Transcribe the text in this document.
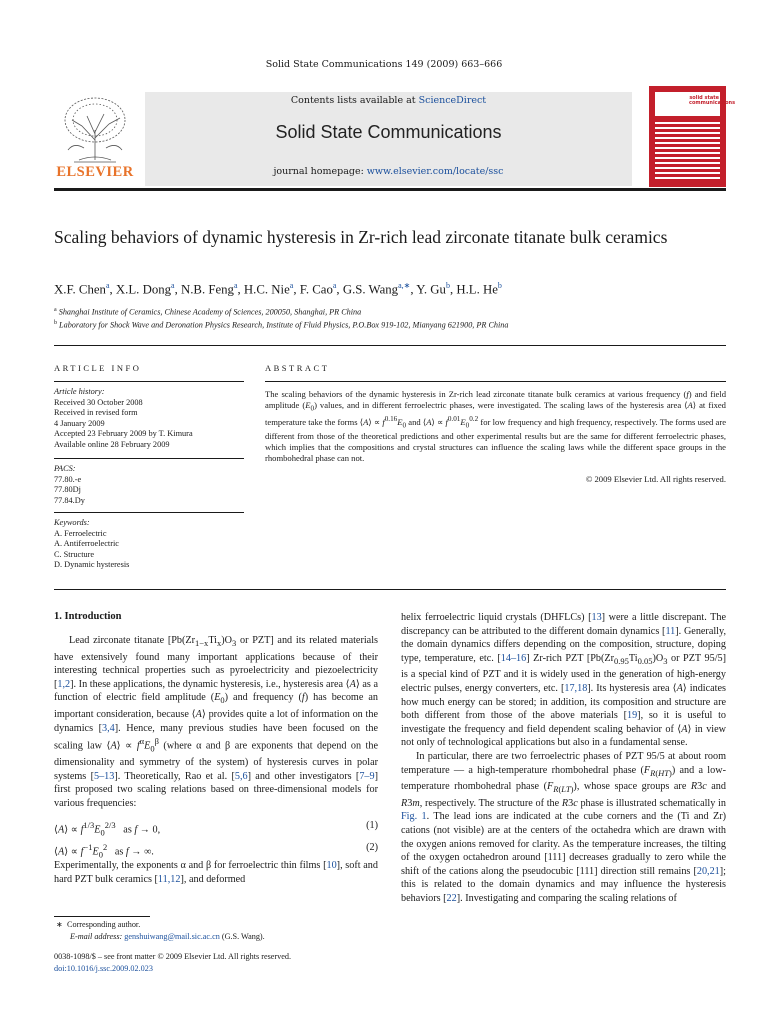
Solid State Communications 149 (2009) 663–666
ELSEVIER
Contents lists available at ScienceDirect
Solid State Communications
journal homepage: www.elsevier.com/locate/ssc
solid state communications
Scaling behaviors of dynamic hysteresis in Zr-rich lead zirconate titanate bulk ceramics
X.F. Chen$^a$, X.L. Dong$^a$, N.B. Feng$^a$, H.C. Nie$^a$, F. Cao$^a$, G.S. Wang$^{a,∗}$, Y. Gu$^b$, H.L. He$^b$
$^a$ Shanghai Institute of Ceramics, Chinese Academy of Sciences, 200050, Shanghai, PR China
$^b$ Laboratory for Shock Wave and Deronation Physics Research, Institute of Fluid Physics, P.O.Box 919-102, Mianyang 621900, PR China
ARTICLE INFO	ABSTRACT
Article history:
Received 30 October 2008
Received in revised form
4 January 2009
Accepted 23 February 2009 by T. Kimura
Available online 28 February 2009
PACS:
77.80.-e
77.80Dj
77.84.Dy
Keywords:
A. Ferroelectric
A. Antiferroelectric
C. Structure
D. Dynamic hysteresis
The scaling behaviors of the dynamic hysteresis in Zr-rich lead zirconate titanate bulk ceramics at various frequency (f) and field amplitude $(E_0)$ values, and in different ferroelectric phases, were investigated. The scaling laws of the hysteresis area ⟨A⟩ at fixed temperature take the forms ⟨A⟩ ∝ $f^{0.16}E_0$ and ⟨A⟩ ∝ $f^{0.01}E_0^{0.2}$ for low frequency and high frequency, respectively. The forms used are different from those of the theoretical predictions and other experimental results but are the same for different ferroelectric phases, which implies that the compositions and crystal structures can influence the scaling laws while the different space groups in the rhombohedral phase can not.
© 2009 Elsevier Ltd. All rights reserved.
1. Introduction

Lead zirconate titanate [$Pb(Zr_{1-x}Ti_x)O_3$ or PZT] and its related materials have extensively found many important applications because of their interesting technical properties such as pyroelectricity and piezoelectricity [1,2]. In these applications, the dynamic hysteresis, i.e., hysteresis area ⟨A⟩ as a function of electric field amplitude $(E_0)$ and frequency (f) has become an important consideration, because ⟨A⟩ provides quite a lot of information on the dynamics [3,4]. Hence, many previous studies have been focused on the scaling law ⟨A⟩ ∝ $f^\alpha E_0^\beta$ (where α and β are exponents that depend on the dimensionality and symmetry of the system) of hysteresis curves in polar systems [5–13]. Theoretically, Rao et al. [5,6] and other investigators [7–9] first proposed two scaling relations based on three-dimensional models for various frequencies:

⟨A⟩ ∝ $f^{1/3}E_0^{2/3}$   as f → 0,	(1)
⟨A⟩ ∝ $f^{-1}E_0^2$   as f → ∞.	(2)

Experimentally, the exponents α and β for ferroelectric thin films [10], soft and hard PZT bulk ceramics [11,12], and deformed

helix ferroelectric liquid crystals (DHFLCs) [13] were a little discrepant. The discrepancy can be attributed to the different domain dynamics [11]. Generally, the domain dynamics differs depending on the composition, structure, doping type, temperature, etc. [14–16] Zr-rich PZT [$Pb(Zr_{0.95}Ti_{0.05})O_3$ or PZT 95/5] is a special kind of PZT and it is widely used in the generation of high-energy electric pulses, energy converters, etc. [17,18]. Its hysteresis area ⟨A⟩ indicates how much energy can be stored; in addition, its composition and structure are both different from those of the above materials [19], so it is useful to investigate the frequency and field dependent scaling behavior of ⟨A⟩ in view not only of technological applications but also in a fundamental sense.

In particular, there are two ferroelectric phases of PZT 95/5 at about room temperature — a high-temperature rhombohedral phase $(F_{R(HT)})$ and a low-temperature rhombohedral phase $(F_{R(LT)})$, whose space groups are R3c and R3m, respectively. The structure of the R3c phase is illustrated schematically in Fig. 1. The lead ions are indicated at the cube corners and the (Ti and Zr) cations (not visible) are at the centers of the octahedra which are drawn with the oxygen anions removed for clarity. As the temperature increases, the tilting of the oxygen octahedron around [111] decreases gradually to zero while the shift of the cations along the pseudocubic [111] direction still remains [20,21]; this is related to the domain dynamics and may influence the hysteresis behaviors [22]. Investigating and comparing the scaling relations of

∗  Corresponding author.
E-mail address: genshuiwang@mail.sic.ac.cn (G.S. Wang).
0038-1098/$ – see front matter © 2009 Elsevier Ltd. All rights reserved.
doi:10.1016/j.ssc.2009.02.023
